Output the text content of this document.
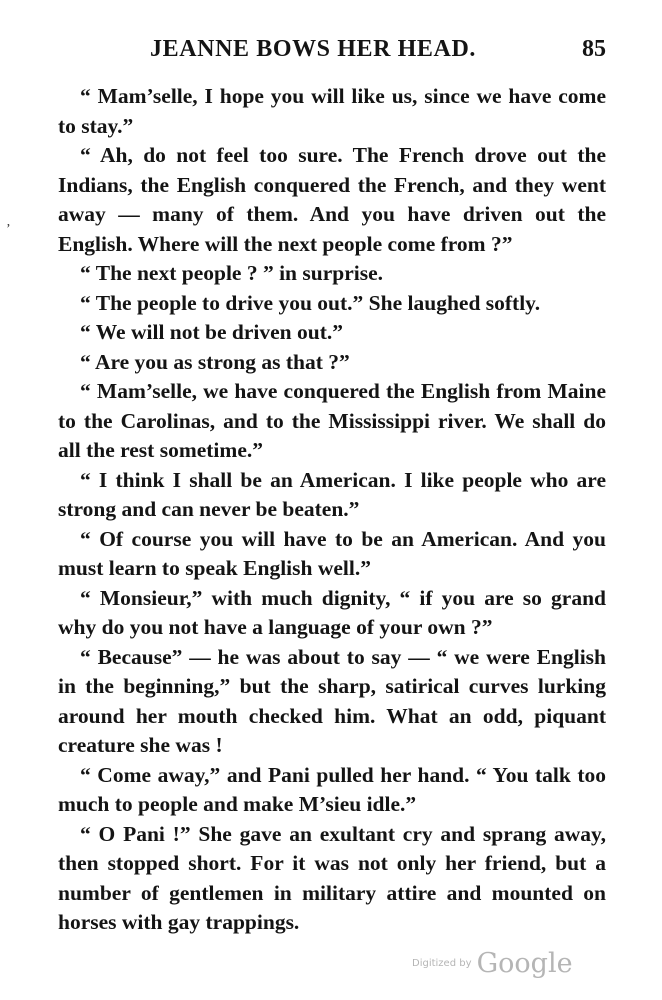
JEANNE BOWS HER HEAD.	85
’

“ Mam’selle, I hope you will like us, since we have come to stay.”

“ Ah, do not feel too sure. The French drove out the Indians, the English conquered the French, and they went away — many of them. And you have driven out the English. Where will the next people come from ?”

“ The next people ? ” in surprise.

“ The people to drive you out.” She laughed softly.

“ We will not be driven out.”

“ Are you as strong as that ?”

“ Mam’selle, we have conquered the English from Maine to the Carolinas, and to the Mississippi river. We shall do all the rest sometime.”

“ I think I shall be an American. I like people who are strong and can never be beaten.”

“ Of course you will have to be an American. And you must learn to speak English well.”

“ Monsieur,” with much dignity, “ if you are so grand why do you not have a language of your own ?”

“ Because” — he was about to say — “ we were English in the beginning,” but the sharp, satirical curves lurking around her mouth checked him. What an odd, piquant creature she was !

“ Come away,” and Pani pulled her hand. “ You talk too much to people and make M’sieu idle.”

“ O Pani !” She gave an exultant cry and sprang away, then stopped short. For it was not only her friend, but a number of gentlemen in military attire and mounted on horses with gay trappings.

Digitized by Google
